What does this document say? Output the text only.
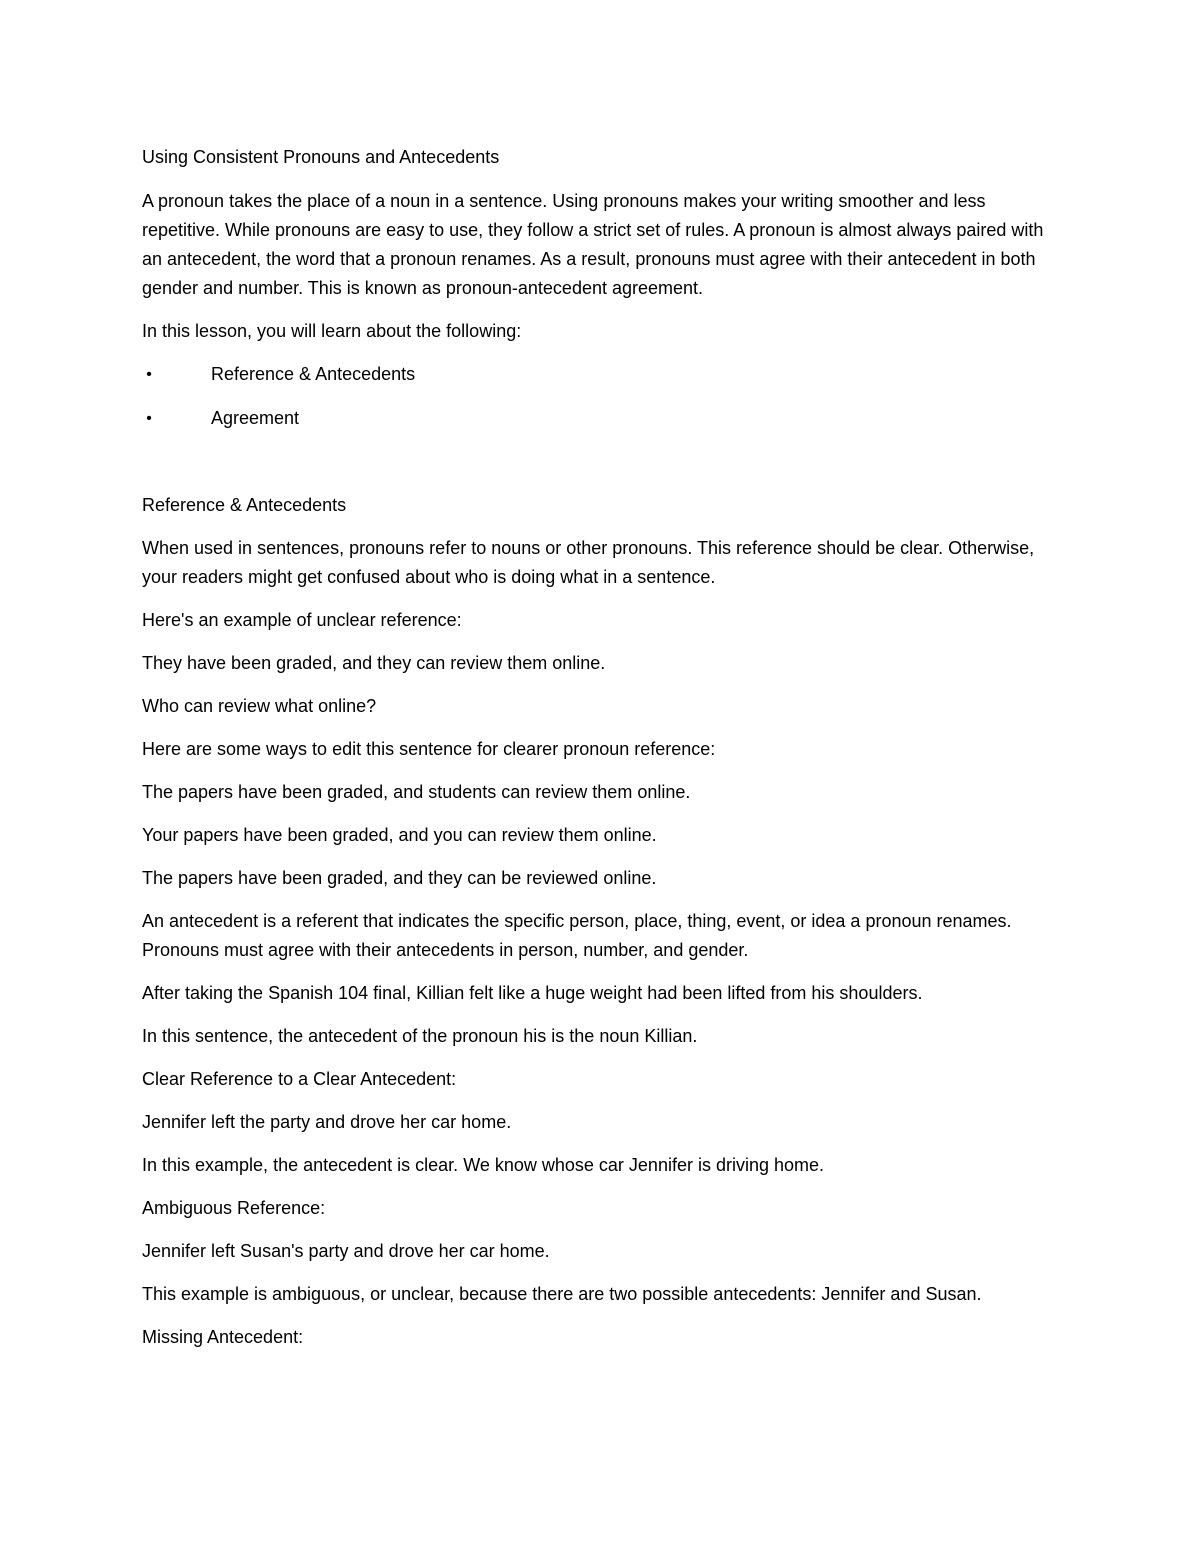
Using Consistent Pronouns and Antecedents

A pronoun takes the place of a noun in a sentence. Using pronouns makes your writing smoother and less repetitive. While pronouns are easy to use, they follow a strict set of rules. A pronoun is almost always paired with an antecedent, the word that a pronoun renames. As a result, pronouns must agree with their antecedent in both gender and number. This is known as pronoun-antecedent agreement.

In this lesson, you will learn about the following:

•	Reference & Antecedents
•	Agreement

Reference & Antecedents

When used in sentences, pronouns refer to nouns or other pronouns. This reference should be clear. Otherwise, your readers might get confused about who is doing what in a sentence.

Here's an example of unclear reference:

They have been graded, and they can review them online.

Who can review what online?

Here are some ways to edit this sentence for clearer pronoun reference:

The papers have been graded, and students can review them online.

Your papers have been graded, and you can review them online.

The papers have been graded, and they can be reviewed online.

An antecedent is a referent that indicates the specific person, place, thing, event, or idea a pronoun renames. Pronouns must agree with their antecedents in person, number, and gender.

After taking the Spanish 104 final, Killian felt like a huge weight had been lifted from his shoulders.

In this sentence, the antecedent of the pronoun his is the noun Killian.

Clear Reference to a Clear Antecedent:

Jennifer left the party and drove her car home.

In this example, the antecedent is clear. We know whose car Jennifer is driving home.

Ambiguous Reference:

Jennifer left Susan's party and drove her car home.

This example is ambiguous, or unclear, because there are two possible antecedents: Jennifer and Susan.

Missing Antecedent:
